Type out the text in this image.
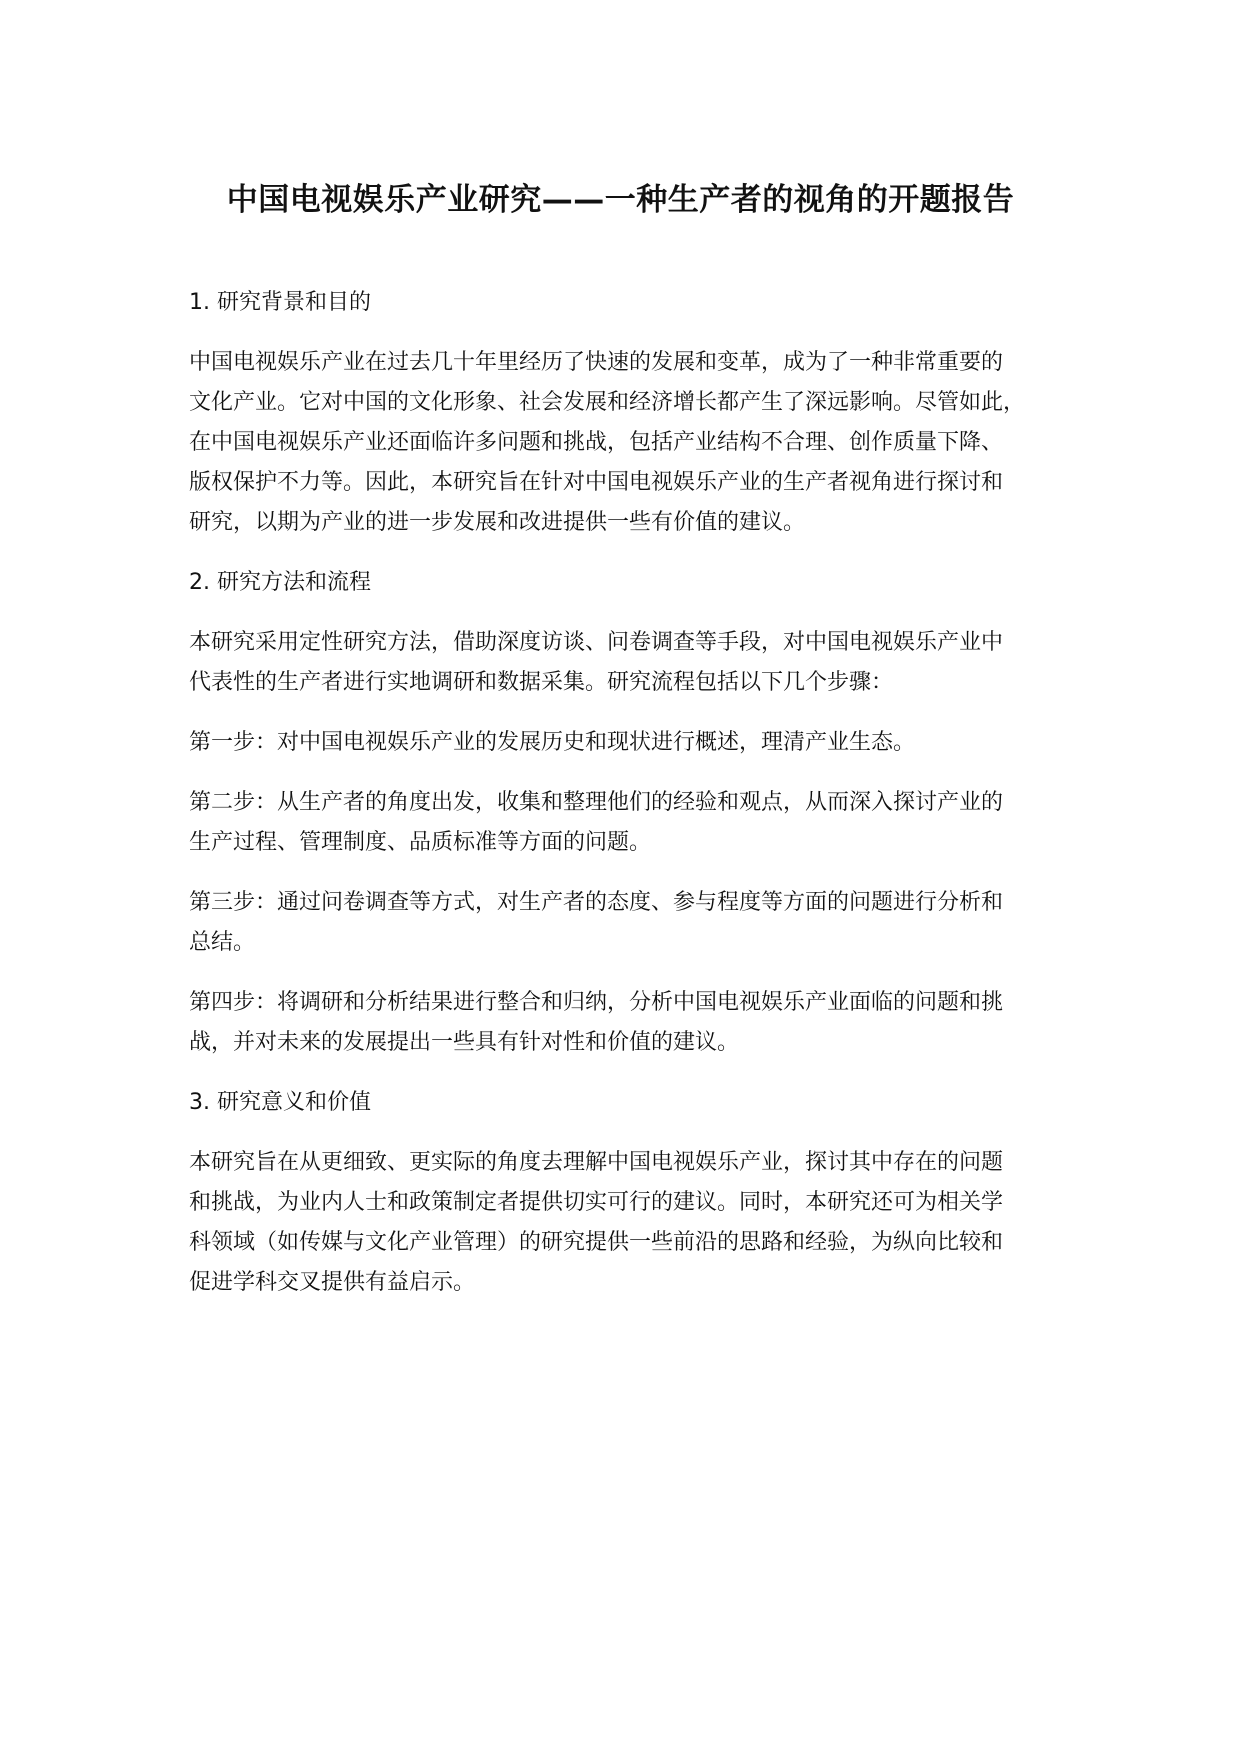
中国电视娱乐产业研究——一种生产者的视角的开题报告
1. 研究背景和目的
中国电视娱乐产业在过去几十年里经历了快速的发展和变革，成为了一种非常重要的
文化产业。它对中国的文化形象、社会发展和经济增长都产生了深远影响。尽管如此，
在中国电视娱乐产业还面临许多问题和挑战，包括产业结构不合理、创作质量下降、
版权保护不力等。因此，本研究旨在针对中国电视娱乐产业的生产者视角进行探讨和
研究，以期为产业的进一步发展和改进提供一些有价值的建议。
2. 研究方法和流程
本研究采用定性研究方法，借助深度访谈、问卷调查等手段，对中国电视娱乐产业中
代表性的生产者进行实地调研和数据采集。研究流程包括以下几个步骤：
第一步：对中国电视娱乐产业的发展历史和现状进行概述，理清产业生态。
第二步：从生产者的角度出发，收集和整理他们的经验和观点，从而深入探讨产业的
生产过程、管理制度、品质标准等方面的问题。
第三步：通过问卷调查等方式，对生产者的态度、参与程度等方面的问题进行分析和
总结。
第四步：将调研和分析结果进行整合和归纳，分析中国电视娱乐产业面临的问题和挑
战，并对未来的发展提出一些具有针对性和价值的建议。
3. 研究意义和价值
本研究旨在从更细致、更实际的角度去理解中国电视娱乐产业，探讨其中存在的问题
和挑战，为业内人士和政策制定者提供切实可行的建议。同时，本研究还可为相关学
科领域（如传媒与文化产业管理）的研究提供一些前沿的思路和经验，为纵向比较和
促进学科交叉提供有益启示。
